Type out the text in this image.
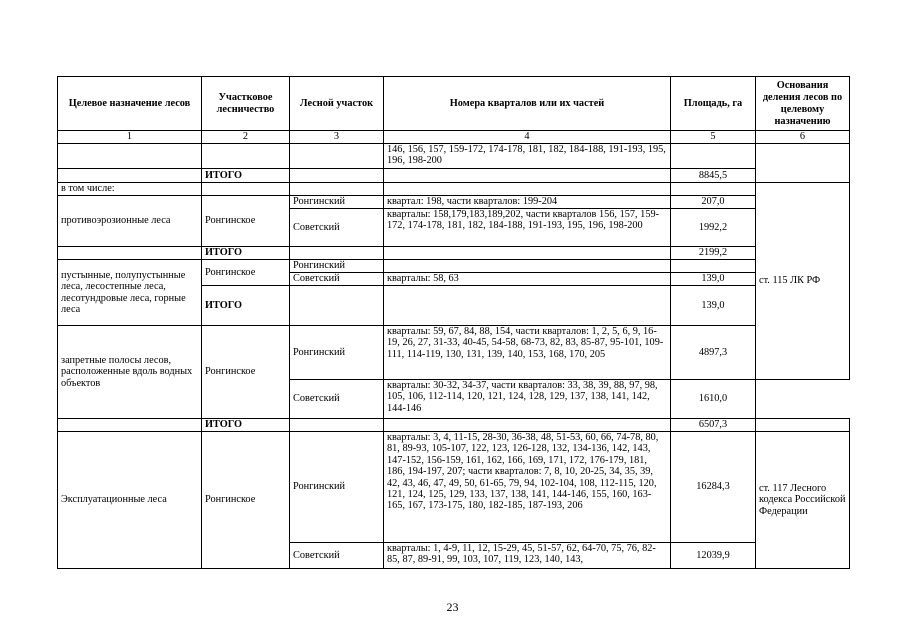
Целевое назначение лесов	Участковое лесничество	Лесной участок	Номера кварталов или их частей	Площадь, га	Основания деления лесов по целевому назначению
1	2	3	4	5	6
			146, 156, 157, 159-172, 174-178, 181, 182, 184-188, 191-193, 195, 196, 198-200		
	ИТОГО			8845,5	
в том числе:					ст. 115 ЛК РФ
противоэрозионные леса	Ронгинское	Ронгинский	квартал: 198, части кварталов: 199-204	207,0	
		Советский	кварталы: 158,179,183,189,202, части кварталов 156, 157, 159-172, 174-178, 181, 182, 184-188, 191-193, 195, 196, 198-200	1992,2	
	ИТОГО			2199,2	
пустынные, полупустынные леса, лесостепные леса, лесотундровые леса, горные леса	Ронгинское	Ронгинский			
		Советский	кварталы: 58, 63	139,0	
	ИТОГО			139,0	
запретные полосы лесов, расположенные вдоль водных объектов	Ронгинское	Ронгинский	кварталы: 59, 67, 84, 88, 154, части кварталов: 1, 2, 5, 6, 9, 16-19, 26, 27, 31-33, 40-45, 54-58, 68-73, 82, 83, 85-87, 95-101, 109-111, 114-119, 130, 131, 139, 140, 153, 168, 170, 205	4897,3	
		Советский	кварталы: 30-32, 34-37, части кварталов: 33, 38, 39, 88, 97, 98, 105, 106, 112-114, 120, 121, 124, 128, 129, 137, 138, 141, 142, 144-146	1610,0	
	ИТОГО			6507,3	
Эксплуатационные леса	Ронгинское	Ронгинский	кварталы: 3, 4, 11-15, 28-30, 36-38, 48, 51-53, 60, 66, 74-78, 80, 81, 89-93, 105-107, 122, 123, 126-128, 132, 134-136, 142, 143, 147-152, 156-159, 161, 162, 166, 169, 171, 172, 176-179, 181, 186, 194-197, 207; части кварталов: 7, 8, 10, 20-25, 34, 35, 39, 42, 43, 46, 47, 49, 50, 61-65, 79, 94, 102-104, 108, 112-115, 120, 121, 124, 125, 129, 133, 137, 138, 141, 144-146, 155, 160, 163-165, 167, 173-175, 180, 182-185, 187-193, 206	16284,3	ст. 117 Лесного кодекса Российской Федерации
		Советский	кварталы: 1, 4-9, 11, 12, 15-29, 45, 51-57, 62, 64-70, 75, 76, 82-85, 87, 89-91, 99, 103, 107, 119, 123, 140, 143,	12039,9	
23
